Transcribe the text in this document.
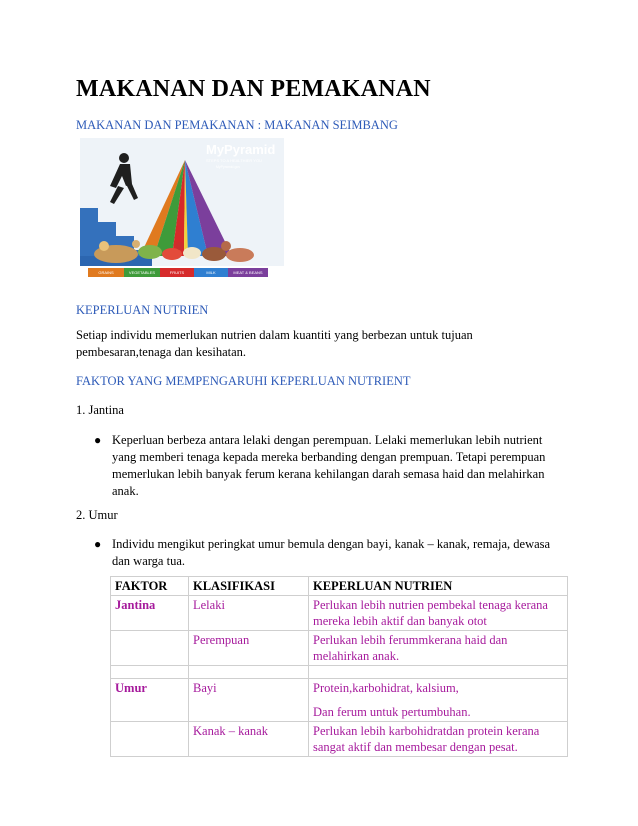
MAKANAN DAN PEMAKANAN

MAKANAN DAN PEMAKANAN : MAKANAN SEIMBANG

MyPyramid
STEPS TO A HEALTHIER YOU
MyPyramid.gov
GRAINS	VEGETABLES	FRUITS	MILK	MEAT & BEANS

KEPERLUAN NUTRIEN

Setiap individu memerlukan nutrien dalam kuantiti yang berbezan untuk tujuan

pembesaran,tenaga dan kesihatan.

FAKTOR YANG MEMPENGARUHI KEPERLUAN NUTRIENT

1. Jantina

● Keperluan berbeza antara lelaki dengan perempuan. Lelaki memerlukan lebih nutrient
yang memberi tenaga kepada mereka berbanding dengan prempuan. Tetapi perempuan
memerlukan lebih banyak ferum kerana kehilangan darah semasa haid dan melahirkan
anak.

2. Umur

● Individu mengikut peringkat umur bemula dengan bayi, kanak – kanak, remaja, dewasa
dan warga tua.
FAKTOR	KLASIFIKASI	KEPERLUAN NUTRIEN
Jantina	Lelaki	Perlukan lebih nutrien pembekal tenaga kerana
mereka lebih aktif dan banyak otot

	Perempuan	Perlukan lebih ferummkerana haid dan
melahirkan anak.

Umur	Bayi	Protein,karbohidrat, kalsium,
Dan ferum untuk pertumbuhan.

	Kanak – kanak	Perlukan lebih karbohidratdan protein kerana
sangat aktif dan membesar dengan pesat.
